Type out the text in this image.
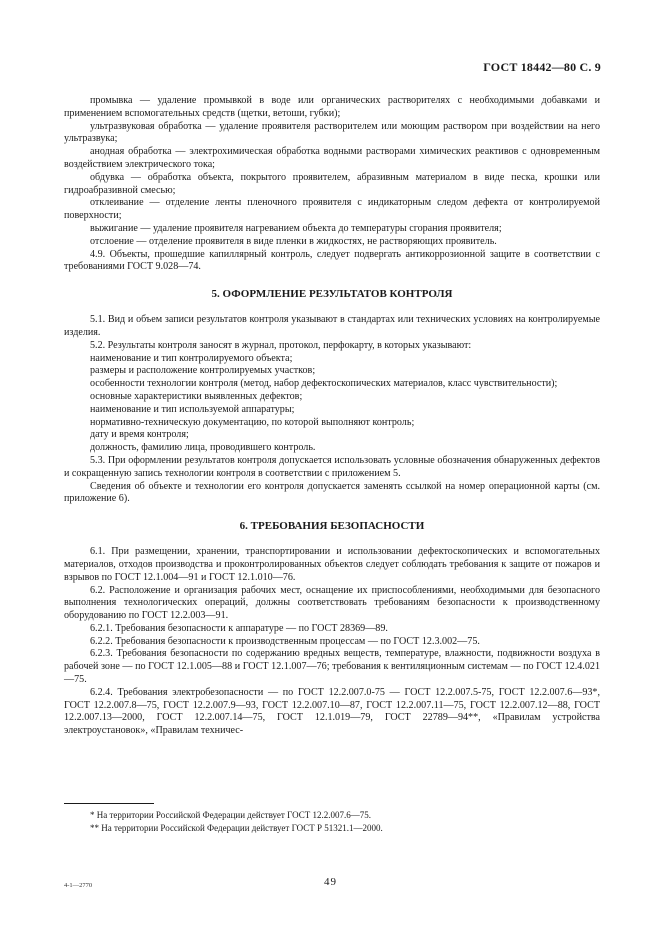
ГОСТ 18442—80 С. 9

промывка — удаление промывкой в воде или органических растворителях с необходимыми добавками и применением вспомогательных средств (щетки, ветоши, губки);

ультразвуковая обработка — удаление проявителя растворителем или моющим раствором при воздействии на него ультразвука;

анодная обработка — электрохимическая обработка водными растворами химических реактивов с одновременным воздействием электрического тока;

обдувка — обработка объекта, покрытого проявителем, абразивным материалом в виде песка, крошки или гидроабразивной смесью;

отклеивание — отделение ленты пленочного проявителя с индикаторным следом дефекта от контролируемой поверхности;

выжигание — удаление проявителя нагреванием объекта до температуры сгорания проявителя;

отслоение — отделение проявителя в виде пленки в жидкостях, не растворяющих проявитель.

4.9. Объекты, прошедшие капиллярный контроль, следует подвергать антикоррозионной защите в соответствии с требованиями ГОСТ 9.028—74.

5. ОФОРМЛЕНИЕ РЕЗУЛЬТАТОВ КОНТРОЛЯ

5.1. Вид и объем записи результатов контроля указывают в стандартах или технических условиях на контролируемые изделия.

5.2. Результаты контроля заносят в журнал, протокол, перфокарту, в которых указывают:

наименование и тип контролируемого объекта;

размеры и расположение контролируемых участков;

особенности технологии контроля (метод, набор дефектоскопических материалов, класс чувствительности);

основные характеристики выявленных дефектов;

наименование и тип используемой аппаратуры;

нормативно-техническую документацию, по которой выполняют контроль;

дату и время контроля;

должность, фамилию лица, проводившего контроль.

5.3. При оформлении результатов контроля допускается использовать условные обозначения обнаруженных дефектов и сокращенную запись технологии контроля в соответствии с приложением 5.

Сведения об объекте и технологии его контроля допускается заменять ссылкой на номер операционной карты (см. приложение 6).

6. ТРЕБОВАНИЯ БЕЗОПАСНОСТИ

6.1. При размещении, хранении, транспортировании и использовании дефектоскопических и вспомогательных материалов, отходов производства и проконтролированных объектов следует соблюдать требования к защите от пожаров и взрывов по ГОСТ 12.1.004—91 и ГОСТ 12.1.010—76.

6.2. Расположение и организация рабочих мест, оснащение их приспособлениями, необходимыми для безопасного выполнения технологических операций, должны соответствовать требованиям безопасности к производственному оборудованию по ГОСТ 12.2.003—91.

6.2.1. Требования безопасности к аппаратуре — по ГОСТ 28369—89.

6.2.2. Требования безопасности к производственным процессам — по ГОСТ 12.3.002—75.

6.2.3. Требования безопасности по содержанию вредных веществ, температуре, влажности, подвижности воздуха в рабочей зоне — по ГОСТ 12.1.005—88 и ГОСТ 12.1.007—76; требования к вентиляционным системам — по ГОСТ 12.4.021—75.

6.2.4. Требования электробезопасности — по ГОСТ 12.2.007.0-75 — ГОСТ 12.2.007.5-75, ГОСТ 12.2.007.6—93*, ГОСТ 12.2.007.8—75, ГОСТ 12.2.007.9—93, ГОСТ 12.2.007.10—87, ГОСТ 12.2.007.11—75, ГОСТ 12.2.007.12—88, ГОСТ 12.2.007.13—2000, ГОСТ 12.2.007.14—75, ГОСТ 12.1.019—79, ГОСТ 22789—94**, «Правилам устройства электроустановок», «Правилам техничес-

* На территории Российской Федерации действует ГОСТ 12.2.007.6—75.

** На территории Российской Федерации действует ГОСТ Р 51321.1—2000.

4-1—2770	49
